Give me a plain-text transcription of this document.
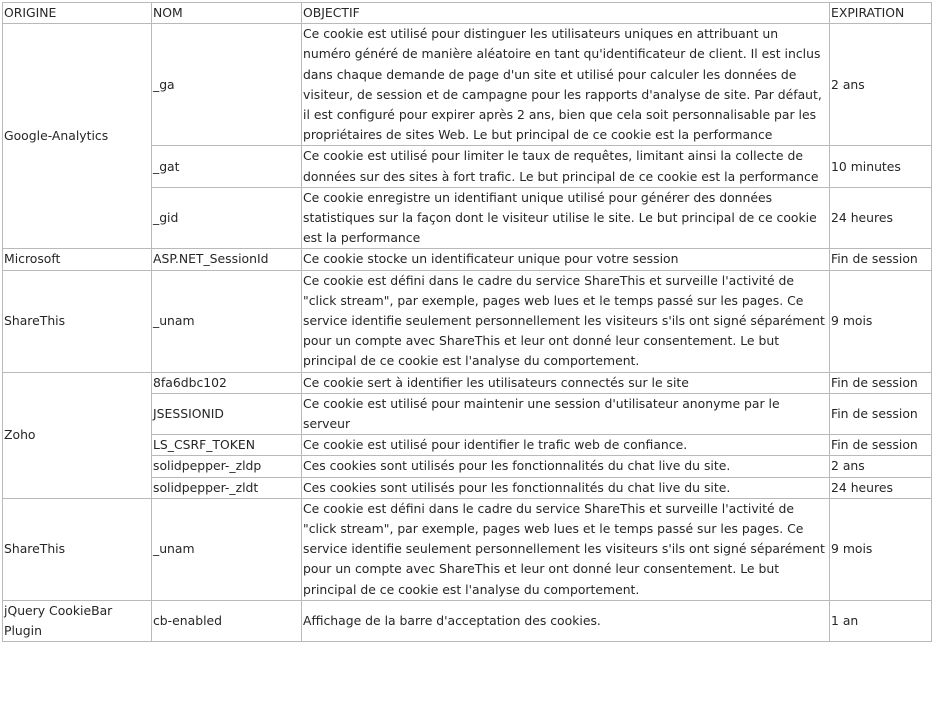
ORIGINE	NOM	OBJECTIF	EXPIRATION
Google-Analytics	_ga	Ce cookie est utilisé pour distinguer les utilisateurs uniques en attribuant un numéro généré de manière aléatoire en tant qu'identificateur de client. Il est inclus dans chaque demande de page d'un site et utilisé pour calculer les données de visiteur, de session et de campagne pour les rapports d'analyse de site. Par défaut, il est configuré pour expirer après 2 ans, bien que cela soit personnalisable par les propriétaires de sites Web. Le but principal de ce cookie est la performance	2 ans
	_gat	Ce cookie est utilisé pour limiter le taux de requêtes, limitant ainsi la collecte de données sur des sites à fort trafic. Le but principal de ce cookie est la performance	10 minutes
	_gid	Ce cookie enregistre un identifiant unique utilisé pour générer des données statistiques sur la façon dont le visiteur utilise le site. Le but principal de ce cookie est la performance	24 heures
Microsoft	ASP.NET_SessionId	Ce cookie stocke un identificateur unique pour votre session	Fin de session
ShareThis	_unam	Ce cookie est défini dans le cadre du service ShareThis et surveille l'activité de "click stream", par exemple, pages web lues et le temps passé sur les pages. Ce service identifie seulement personnellement les visiteurs s'ils ont signé séparément pour un compte avec ShareThis et leur ont donné leur consentement. Le but principal de ce cookie est l'analyse du comportement.	9 mois
Zoho	8fa6dbc102	Ce cookie sert à identifier les utilisateurs connectés sur le site	Fin de session
	JSESSIONID	Ce cookie est utilisé pour maintenir une session d'utilisateur anonyme par le serveur	Fin de session
	LS_CSRF_TOKEN	Ce cookie est utilisé pour identifier le trafic web de confiance.	Fin de session
	solidpepper-_zldp	Ces cookies sont utilisés pour les fonctionnalités du chat live du site.	2 ans
	solidpepper-_zldt	Ces cookies sont utilisés pour les fonctionnalités du chat live du site.	24 heures
ShareThis	_unam	Ce cookie est défini dans le cadre du service ShareThis et surveille l'activité de "click stream", par exemple, pages web lues et le temps passé sur les pages. Ce service identifie seulement personnellement les visiteurs s'ils ont signé séparément pour un compte avec ShareThis et leur ont donné leur consentement. Le but principal de ce cookie est l'analyse du comportement.	9 mois
jQuery CookieBar Plugin	cb-enabled	Affichage de la barre d'acceptation des cookies.	1 an
